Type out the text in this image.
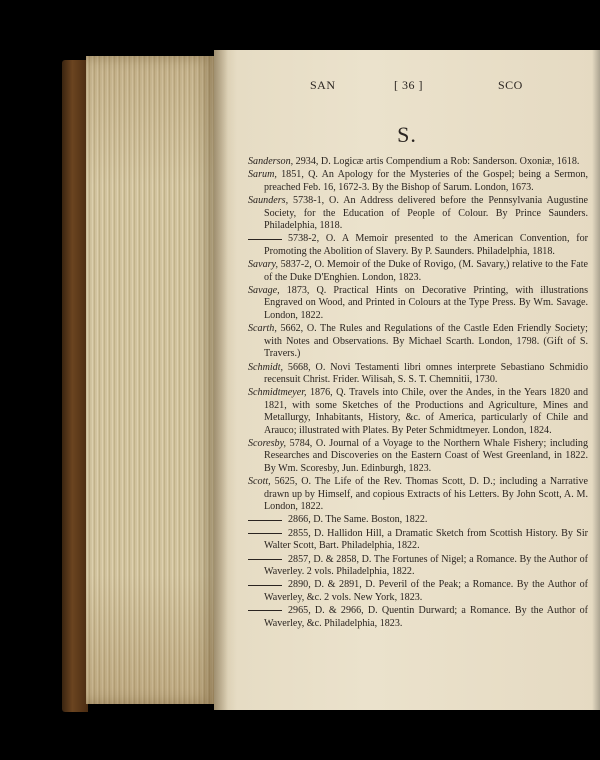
SAN	[ 36 ]	SCO
S.
Sanderson, 2934, D. Logicæ artis Compendium a Rob: Sanderson. Oxoniæ, 1618.
Sarum, 1851, Q. An Apology for the Mysteries of the Gospel; being a Sermon, preached Feb. 16, 1672-3. By the Bishop of Sarum. London, 1673.
Saunders, 5738-1, O. An Address delivered before the Pennsylvania Augustine Society, for the Education of People of Colour. By Prince Saunders. Philadelphia, 1818.
5738-2, O. A Memoir presented to the American Convention, for Promoting the Abolition of Slavery. By P. Saunders. Philadelphia, 1818.
Savary, 5837-2, O. Memoir of the Duke of Rovigo, (M. Savary,) relative to the Fate of the Duke D'Enghien. London, 1823.
Savage, 1873, Q. Practical Hints on Decorative Printing, with illustrations Engraved on Wood, and Printed in Colours at the Type Press. By Wm. Savage. London, 1822.
Scarth, 5662, O. The Rules and Regulations of the Castle Eden Friendly Society; with Notes and Observations. By Michael Scarth. London, 1798. (Gift of S. Travers.)
Schmidt, 5668, O. Novi Testamenti libri omnes interprete Sebastiano Schmidio recensuit Christ. Frider. Wilisah, S. S. T. Chemnitii, 1730.
Schmidtmeyer, 1876, Q. Travels into Chile, over the Andes, in the Years 1820 and 1821, with some Sketches of the Productions and Agriculture, Mines and Metallurgy, Inhabitants, History, &c. of America, particularly of Chile and Arauco; illustrated with Plates. By Peter Schmidtmeyer. London, 1824.
Scoresby, 5784, O. Journal of a Voyage to the Northern Whale Fishery; including Researches and Discoveries on the Eastern Coast of West Greenland, in 1822. By Wm. Scoresby, Jun. Edinburgh, 1823.
Scott, 5625, O. The Life of the Rev. Thomas Scott, D. D.; including a Narrative drawn up by Himself, and copious Extracts of his Letters. By John Scott, A. M. London, 1822.
2866, D. The Same. Boston, 1822.
2855, D. Hallidon Hill, a Dramatic Sketch from Scottish History. By Sir Walter Scott, Bart. Philadelphia, 1822.
2857, D. & 2858, D. The Fortunes of Nigel; a Romance. By the Author of Waverley. 2 vols. Philadelphia, 1822.
2890, D. & 2891, D. Peveril of the Peak; a Romance. By the Author of Waverley, &c. 2 vols. New York, 1823.
2965, D. & 2966, D. Quentin Durward; a Romance. By the Author of Waverley, &c. Philadelphia, 1823.
